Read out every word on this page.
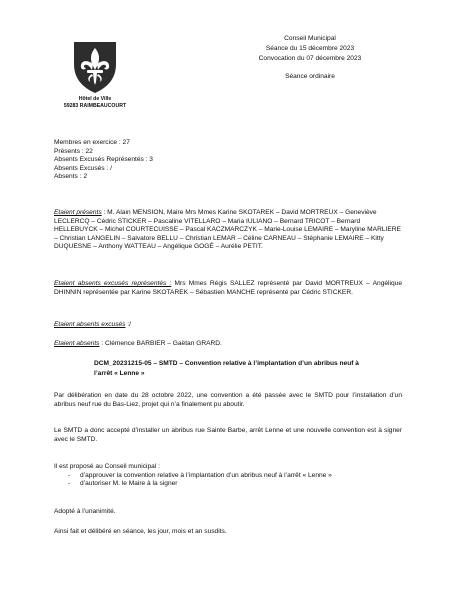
Hôtel de Ville
59283 RAIMBEAUCOURT
Conseil Municipal
Séance du 15 décembre 2023
Convocation du 07 décembre 2023
Séance ordinaire
Membres en exercice : 27
Présents : 22
Absents Excusés Représentés : 3
Absents Excusés : /
Absents : 2
Etaient présents : M. Alain MENSION, Maire Mrs Mmes Karine SKOTAREK – David MORTREUX – Geneviève LECLERCQ – Cédric STICKER – Pascaline VITELLARO – Maria IULIANO – Bernard TRICOT – Bernard HELLEBUYCK – Michel COURTECUISSE – Pascal KACZMARCZYK – Marie-Louise LEMAIRE – Maryline MARLIERE – Christian LANGELIN – Salvatore BELLU – Christian LEMAR – Céline CARNEAU – Stéphanie LEMAIRE – Kitty DUQUESNE – Anthony WATTEAU – Angélique GOGÉ – Aurélie PETIT.
Etaient absents excusés représentés : Mrs Mmes Régis SALLEZ représenté par David MORTREUX – Angélique DHINNIN représentée par Karine SKOTAREK – Sébastien MANCHE représenté par Cédric STICKER.
Etaient absents excusés :/
Etaient absents : Clémence BARBIER – Gaëtan GRARD.
DCM_20231215-05 – SMTD – Convention relative à l’implantation d’un abribus neuf à l’arrêt « Lenne »
Par délibération en date du 28 octobre 2022, une convention a été passée avec le SMTD pour l’installation d’un abribus neuf rue du Bas-Liez, projet qui n’a finalement pu aboutir.
Le SMTD a donc accepté d’installer un abribus rue Sainte Barbe, arrêt Lenne et une nouvelle convention est à signer avec le SMTD.
Il est proposé au Conseil municipal :
- d’approuver la convention relative à l’implantation d’un abribus neuf à l’arrêt « Lenne »
- d’autoriser M. le Maire à la signer
Adopté à l’unanimité.
Ainsi fait et délibéré en séance, les jour, mois et an susdits.
